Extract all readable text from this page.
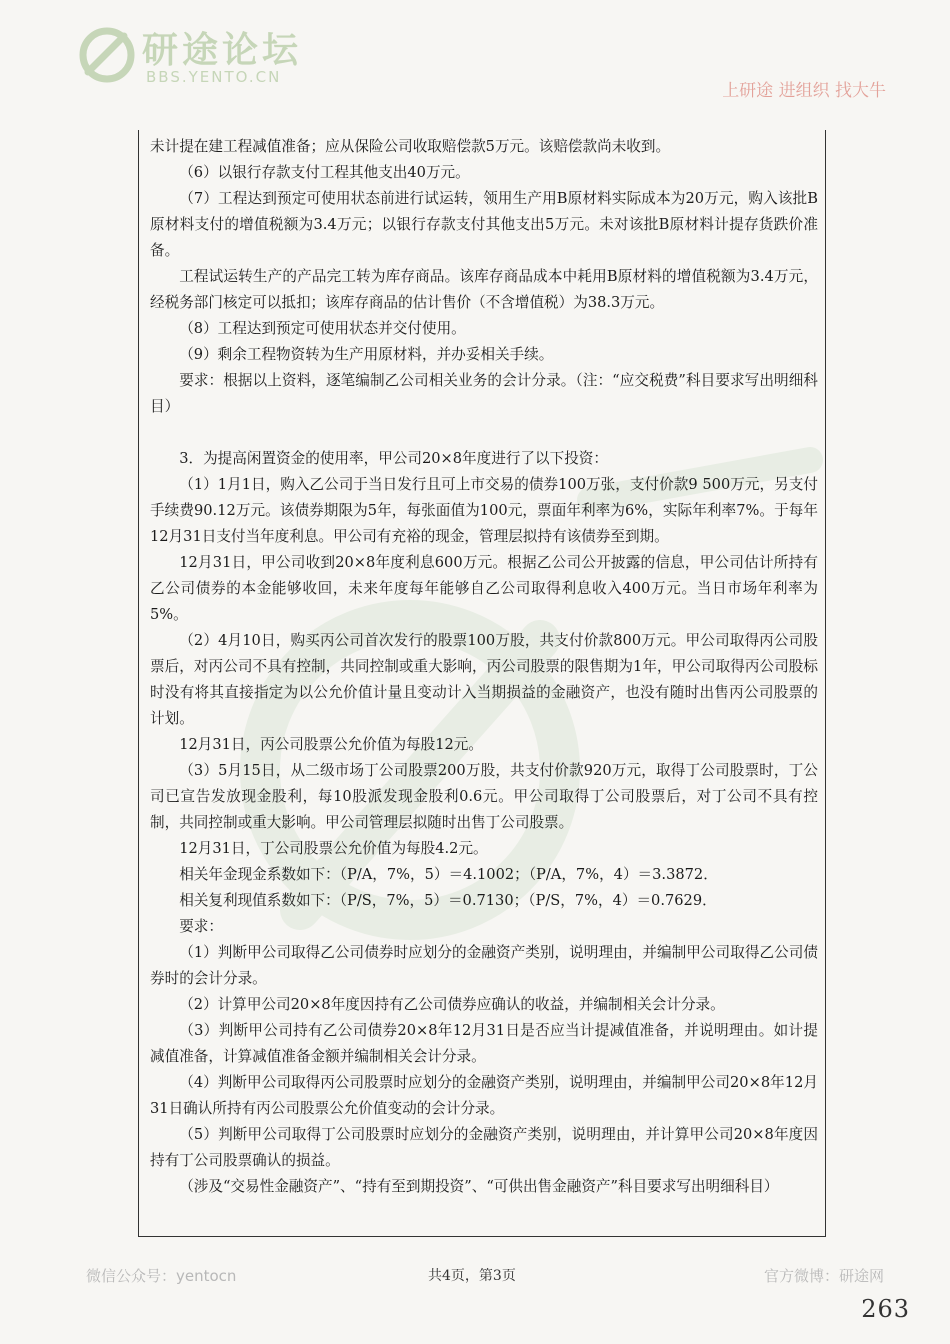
研途论坛
BBS.YENTO.CN
上研途 进组织 找大牛

未计提在建工程减值准备；应从保险公司收取赔偿款5万元。该赔偿款尚未收到。

（6）以银行存款支付工程其他支出40万元。

（7）工程达到预定可使用状态前进行试运转，领用生产用B原材料实际成本为20万元，购入该批B原材料支付的增值税额为3.4万元；以银行存款支付其他支出5万元。未对该批B原材料计提存货跌价准备。

工程试运转生产的产品完工转为库存商品。该库存商品成本中耗用B原材料的增值税额为3.4万元，经税务部门核定可以抵扣；该库存商品的估计售价（不含增值税）为38.3万元。

（8）工程达到预定可使用状态并交付使用。

（9）剩余工程物资转为生产用原材料，并办妥相关手续。

要求：根据以上资料，逐笔编制乙公司相关业务的会计分录。（注：“应交税费”科目要求写出明细科目）

3．为提高闲置资金的使用率，甲公司20×8年度进行了以下投资：

（1）1月1日，购入乙公司于当日发行且可上市交易的债券100万张，支付价款9 500万元，另支付手续费90.12万元。该债券期限为5年，每张面值为100元，票面年利率为6%，实际年利率7%。于每年12月31日支付当年度利息。甲公司有充裕的现金，管理层拟持有该债券至到期。

12月31日，甲公司收到20×8年度利息600万元。根据乙公司公开披露的信息，甲公司估计所持有乙公司债券的本金能够收回，未来年度每年能够自乙公司取得利息收入400万元。当日市场年利率为5%。

（2）4月10日，购买丙公司首次发行的股票100万股，共支付价款800万元。甲公司取得丙公司股票后，对丙公司不具有控制，共同控制或重大影响，丙公司股票的限售期为1年，甲公司取得丙公司股标时没有将其直接指定为以公允价值计量且变动计入当期损益的金融资产，也没有随时出售丙公司股票的计划。

12月31日，丙公司股票公允价值为每股12元。

（3）5月15日，从二级市场丁公司股票200万股，共支付价款920万元，取得丁公司股票时，丁公司已宣告发放现金股利，每10股派发现金股利0.6元。甲公司取得丁公司股票后，对丁公司不具有控制，共同控制或重大影响。甲公司管理层拟随时出售丁公司股票。

12月31日，丁公司股票公允价值为每股4.2元。

相关年金现金系数如下：（P/A，7%，5）＝4.1002；（P/A，7%，4）＝3.3872．

相关复利现值系数如下：（P/S，7%，5）＝0.7130；（P/S，7%，4）＝0.7629．

要求：

（1）判断甲公司取得乙公司债券时应划分的金融资产类别，说明理由，并编制甲公司取得乙公司债券时的会计分录。

（2）计算甲公司20×8年度因持有乙公司债券应确认的收益，并编制相关会计分录。

（3）判断甲公司持有乙公司债券20×8年12月31日是否应当计提减值准备，并说明理由。如计提减值准备，计算减值准备金额并编制相关会计分录。

（4）判断甲公司取得丙公司股票时应划分的金融资产类别，说明理由，并编制甲公司20×8年12月31日确认所持有丙公司股票公允价值变动的会计分录。

（5）判断甲公司取得丁公司股票时应划分的金融资产类别，说明理由，并计算甲公司20×8年度因持有丁公司股票确认的损益。

（涉及“交易性金融资产”、“持有至到期投资”、“可供出售金融资产”科目要求写出明细科目）

微信公众号：yentocn	共4页，第3页	官方微博：研途网
263
